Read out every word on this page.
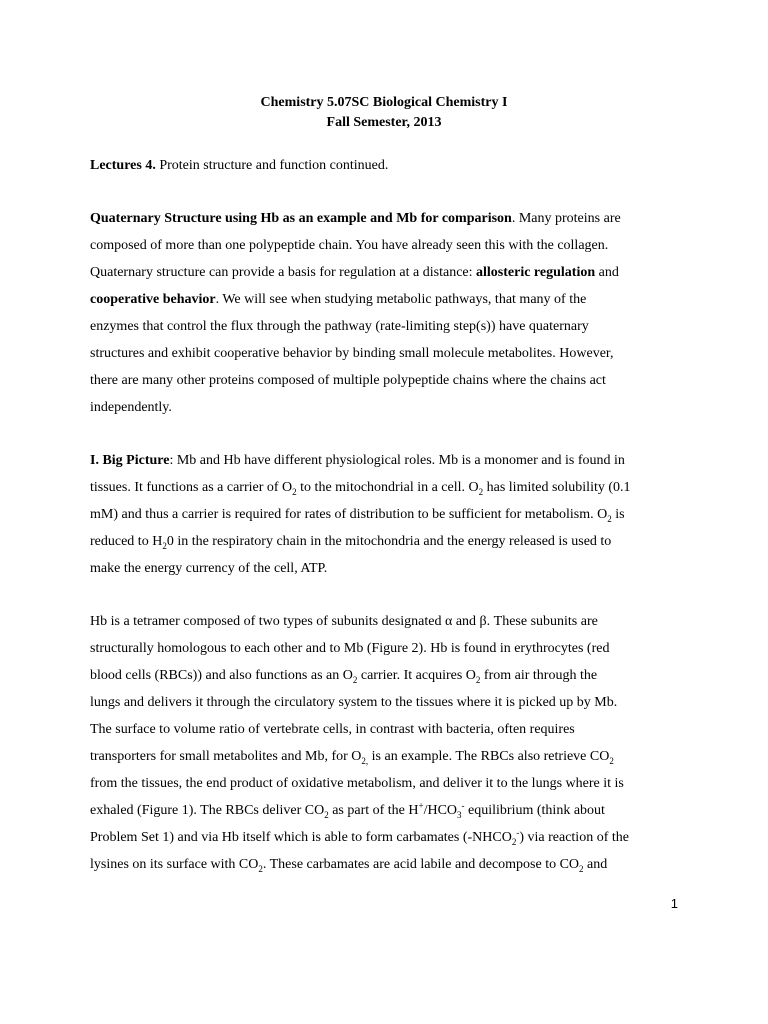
Chemistry 5.07SC Biological Chemistry I
Fall Semester, 2013
Lectures 4. Protein structure and function continued.
Quaternary Structure using Hb as an example and Mb for comparison. Many proteins are
composed of more than one polypeptide chain. You have already seen this with the collagen.
Quaternary structure can provide a basis for regulation at a distance: allosteric regulation and
cooperative behavior. We will see when studying metabolic pathways, that many of the
enzymes that control the flux through the pathway (rate-limiting step(s)) have quaternary
structures and exhibit cooperative behavior by binding small molecule metabolites. However,
there are many other proteins composed of multiple polypeptide chains where the chains act
independently.
I. Big Picture: Mb and Hb have different physiological roles. Mb is a monomer and is found in
tissues. It functions as a carrier of $O_2$ to the mitochondrial in a cell. $O_2$ has limited solubility (0.1
mM) and thus a carrier is required for rates of distribution to be sufficient for metabolism. $O_2$ is
reduced to $H_20$ in the respiratory chain in the mitochondria and the energy released is used to
make the energy currency of the cell, ATP.
Hb is a tetramer composed of two types of subunits designated α and β. These subunits are
structurally homologous to each other and to Mb (Figure 2). Hb is found in erythrocytes (red
blood cells (RBCs)) and also functions as an $O_2$ carrier. It acquires $O_2$ from air through the
lungs and delivers it through the circulatory system to the tissues where it is picked up by Mb.
The surface to volume ratio of vertebrate cells, in contrast with bacteria, often requires
transporters for small metabolites and Mb, for $O_{2,}$ is an example. The RBCs also retrieve $CO_2$
from the tissues, the end product of oxidative metabolism, and deliver it to the lungs where it is
exhaled (Figure 1). The RBCs deliver $CO_2$ as part of the $H^+/HCO_3^-$ equilibrium (think about
Problem Set 1) and via Hb itself which is able to form carbamates $(-NHCO_2^-)$ via reaction of the
lysines on its surface with $CO_2$. These carbamates are acid labile and decompose to $CO_2$ and
1
